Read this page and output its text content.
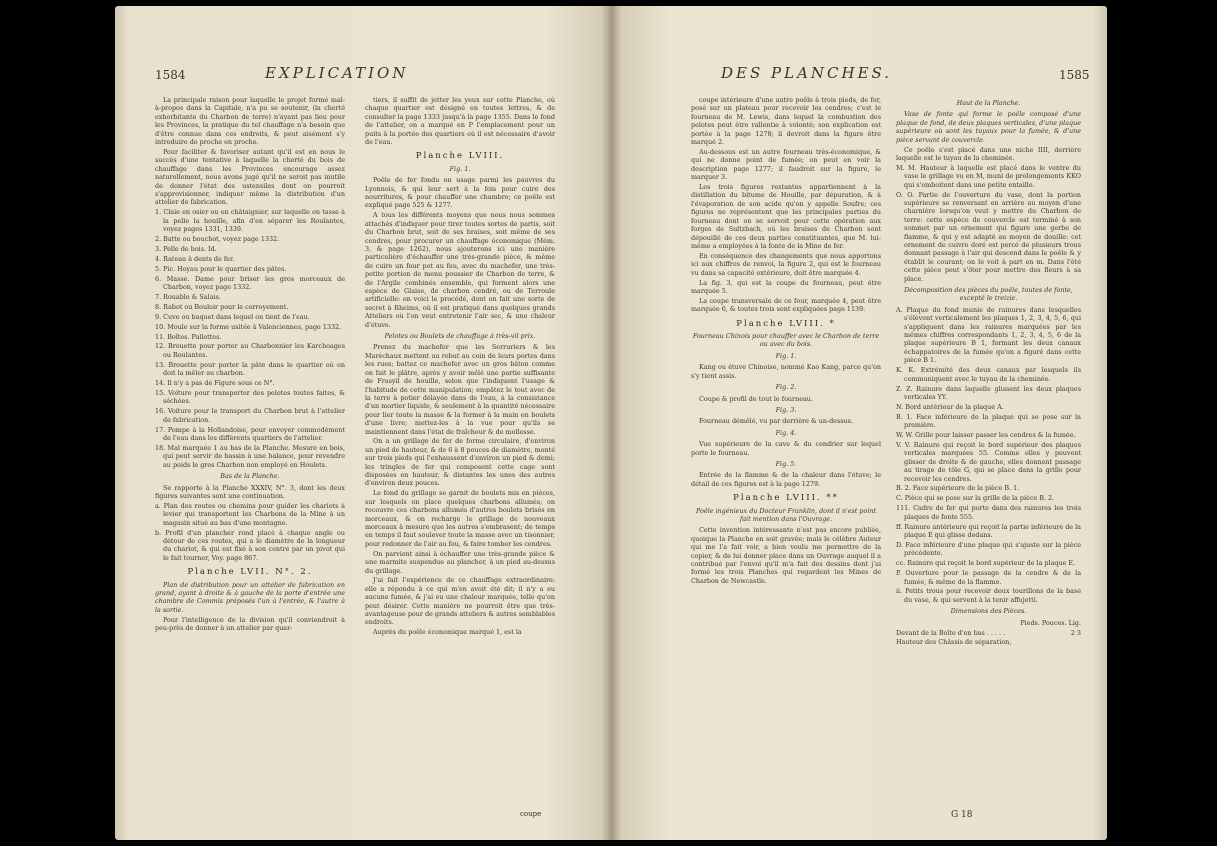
1584	EXPLICATION

La principale raison pour laquelle le projet formé mal-à-propos dans la Capitale, n'a pu se soutenir, (la cherté exhorbitante du Charbon de terre) n'ayant pas lieu pour les Provinces, la pratique du tel chauffage n'a besoin que d'être connue dans ces endroits, & peut aisément s'y introduire de proche en proche.

Pour faciliter & favoriser autant qu'il est en nous le succès d'une tentative à laquelle la cherté du bois de chauffage dans les Provinces encourage assez naturellement, nous avons jugé qu'il ne seroit pas inutile de donner l'état des ustensiles dont on pourroit s'approvisionner, indiquer même la distribution d'un attelier de fabrication.

1. Claie en osier ou en châtaignier, sur laquelle on tasse à la pelle la houille, afin d'en séparer les Roulantes, voyez pages 1331, 1339.

2. Batte ou bouchot, voyez page 1332.

3. Pelle de bois. Id.

4. Rateau à dents de fer.

5. Pic. Hoyau pour le quartier des pâtes.

6. Masse. Dame pour briser les gros morceaux de Charbon, voyez page 1332.

7. Rouable & Salais.

8. Rabot ou Bouloir pour le corroyement.

9. Cuve ou baquet dans lequel on tient de l'eau.

10. Moule sur la forme usitée à Valenciennes, page 1332.

11. Boîtes. Pallettes.

12. Brouette pour porter au Charbonnier les Karchoages ou Roulantes.

13. Brouette pour porter la pâte dans le quartier où on doit la mêler au charbon.

14. Il n'y a pas de Figure sous ce N°.

15. Voiture pour transporter des pelotes toutes faites, & séchées.

16. Voiture pour le transport du Charbon brut à l'attelier de fabrication.

17. Pompe à la Hollandoise, pour envoyer commodément de l'eau dans les différents quartiers de l'attelier.

18. Mal marquée 1 au bas de la Planche. Mesure en bois, qui peut servir de bassin à une balance, pour revendre au poids le gros Charbon non employé en Houlets.

Bas de la Planche.

Se rapporte à la Planche XXXIV, N°. 3, dont les deux figures suivantes sont une continuation.

a. Plan des routes ou chemins pour guider les chariots à levier qui transportent les Charbons de la Mine à un magasin situé au bas d'une montagne.

b. Profil d'un plancher rond placé à chaque angle ou détour de ces routes, qui a le diamètre de la longueur du chariot, & qui est fixé à son centre par un pivot qui le fait tourner, Voy. page 867.

Planche LVII. N°. 2.

Plan de distribution pour un attelier de fabrication en grand, ayant à droite & à gauche de la porte d'entrée une chambre de Commis préposés l'un à l'entrée, & l'autre à la sortie.

Pour l'intelligence de la division qu'il conviendroit à peu-près de donner à un attelier par quar-

tiers, il suffit de jetter les yeux sur cette Planche, où chaque quartier est désigné en toutes lettres, & de consulter la page 1333 jusqu'à la page 1355. Dans le fond de l'attelier, on a marqué en P l'emplacement pour un puits à la portée des quartiers où il est nécessaire d'avoir de l'eau.

Planche LVIII.

Fig. 1.

Poêle de fer fondu en usage parmi les pauvres du Lyonnois, & qui leur sert à la fois pour cuire des nourritures, & pour chauffer une chambre; ce poêle est expliqué page 525 & 1277.

A tous les différents moyens que nous nous sommes attachés d'indiquer pour tirer toutes sortes de partis, soit du Charbon brut, soit de ses braises, soit même de ses cendres, pour procurer un chauffage économique (Mém. 3, & page 1262), nous ajouterons ici une manière particulière d'échauffer une très-grande pièce, & même de cuire un four pot au feu, avec du machefer, une très-petite portion de menu poussier de Charbon de terre, & de l'Argile combinés ensemble, qui forment alors une espèce de Glaise, de charbon cendré, ou de Terroule artificielle: en voici le procédé, dont on fait une sorte de secret à Rheims, où il est pratiqué dans quelques grands Atteliers où l'on veut entretenir l'air sec, & une chaleur d'étuve.

Pelotes ou Boulets de chauffage à très-vil prix.

Prenez du machefer que les Serruriers & les Maréchaux mettent au rebut au coin de leurs portes dans les rues; battez ce machefer avec un gros bâton comme on fait le plâtre, après y avoir mêlé une partie suffisante de Frasyil de houille, selon que l'indiquent l'usage & l'habitude de cette manipulation; empâtez le tout avec de la terre à potier délayée dans de l'eau, à la consistance d'un mortier liquide, & seulement à la quantité nécessaire pour lier toute la masse & la former à la main en boulets d'une livre; mettez-les à la vue pour qu'ils se maintiennent dans l'état de fraîcheur & de mollesse.

On a un grillage de fer de forme circulaire, d'environ un pied de hauteur, & de 6 à 8 pouces de diamètre, monté sur trois pieds qui l'exhaussent d'environ un pied & demi; les tringles de fer qui composent cette cage sont disposées en hauteur, & distantes les unes des autres d'environ deux pouces.

Le fond du grillage se garnit de boulets mis en pièces, sur lesquels on place quelques charbons allumés; on recouvre ces charbons allumés d'autres boulets brisés en morceaux, & on recharge le grillage de nouveaux morceaux à mesure que les autres s'embrasent; de temps en temps il faut soulever toute la masse avec un tisonnier, pour redonner de l'air au feu, & faire tomber les cendres.

On parvient ainsi à échauffer une très-grande pièce & une marmite suspendue au plancher, à un pied au-dessus du grillage.

J'ai fait l'expérience de ce chauffage extraordinaire: elle a répondu à ce qui m'en avoit été dit; il n'y a eu aucune fumée, & j'ai eu une chaleur marquée, telle qu'on peut désirer. Cette manière ne pourroit être que très-avantageuse pour de grands atteliers & autres semblables endroits.

Auprès du poêle économique marqué 1, est la

coupe
DES PLANCHES.	1585

coupe intérieure d'une autre poêle à trois pieds, de fer, posé sur un plateau pour recevoir les cendres; c'est le fourneau de M. Lewis, dans lequel la combustion des pelotes peut être rallentie à volonté; son explication est portée à la page 1278; il devroit dans la figure être marqué 2.

Au-dessous est un autre fourneau très-économique, & qui ne donne point de fumée; on peut en voir la description page 1277; il faudroit sur la figure, le marquer 3.

Les trois figures restantes appartiennent à la distillation du bitume de Houille, par dépuration, & à l'évaporation de son acide qu'on y appelle Soufre; ces figures ne représentent que les principales parties du fourneau dont on se servoit pour cette opération aux forges de Sultzbach, où les braises de Charbon sont dépouillé de ces deux parties constituantes, que M. lui-même a employées à la fonte de la Mine de fer.

En conséquence des changements que nous apportons ici aux chiffres de renvoi, la figure 2, qui est le fourneau vu dans sa capacité extérieure, doit être marquée 4.

La fig. 3, qui est la coupe du fourneau, peut être marquée 5.

La coupe transversale de ce four, marquée 4, peut être marquée 6, & toutes trois sont expliquées page 1139.

Planche LVIII. *

Fourneau Chinois pour chauffer avec le Charbon de terre ou avec du bois.

Fig. 1.

Kang ou étuve Chinoise, nommé Kao Kang, parce qu'on s'y tient assis.

Fig. 2.

Coupe & profil de tout le fourneau.

Fig. 3.

Fourneau démêlé, vu par derrière & un-dessus.

Fig. 4.

Vue supérieure de la cave & du cendrier sur lequel porte le fourneau.

Fig. 5.

Entrée de la flamme & de la chaleur dans l'étuve; le détail de ces figures est à la page 1279.

Planche LVIII. **

Poêle ingénieux du Docteur Franklin, dont il n'est point fait mention dans l'Ouvrage.

Cette invention intéressante n'est pas encore publiée, quoique la Planche en soit gravée; mais le célèbre Auteur qui me l'a fait voir, a bien voulu me permettre de la copier, & de lui donner place dans un Ouvrage auquel il a contribué par l'envoi qu'il m'a fait des dessins dont j'ai formé les trois Planches qui regardent les Mines de Charbon de Newcastle.

Haut de la Planche.

Vase de fonte qui forme le poêle composé d'une plaque de fond, de deux plaques verticales, d'une plaque supérieure où sont les tuyaux pour la fumée, & d'une pièce servant de couvercle.

Ce poêle s'est placé dans une niche IIII, derrière laquelle est le tuyau de la cheminée.

M. M. Hauteur à laquelle est placé dans le ventre du vase le grillage vu en M, muni de prolongements KKO qui s'emboitent dans une petite entaille.

O. O. Partie de l'ouverture du vase, dont la portion supérieure se renversant en arrière au moyen d'une charnière lorsqu'on veut y mettre du Charbon de terre: cette espèce de couvercle est terminé à son sommet par un ornement qui figure une gerbe de flamme, & qui y est adapté au moyen de douille: cet ornement de cuivre doré est percé de plusieurs trous donnant passage à l'air qui descend dans le poêle & y établit le courant; on le voit à part en m. Dans l'été cette pièce peut s'ôter pour mettre des fleurs à sa place.

Décomposition des pièces du poêle, toutes de fonte, excepté le treizie.

A. Plaque du fond munie de rainures dans lesquelles s'élèvent verticalement les plaques 1, 2, 3, 4, 5, 6, qui s'appliquent dans les rainures marquées par les mêmes chiffres correspondants 1, 2, 3, 4, 5, 6 de la plaque supérieure B 1, formant les deux canaux échappatoires de la fumée qu'on a figuré dans cette pièce B 1.

K. K. Extrémité des deux canaux par lesquels ils communiquent avec le tuyau de la cheminée.

Z. Z. Rainure dans laquelle glissent les deux plaques verticales YY.

N. Bord antérieur de la plaque A.

B. 1. Face inférieure de la plaque qui se pose sur la première.

W. W. Grille pour laisser passer les cendres & la fumée.

V. V. Rainure qui reçoit le bord supérieur des plaques verticales marquées 55. Comme elles y peuvent glisser de droite & de gauche, elles donnent passage au tirage de tôle G, qui se place dans la grille pour recevoir les cendres.

B. 2. Face supérieure de la pièce B. 1.

C. Pièce qui se pose sur la grille de la pièce B. 2.

111. Cadre de fer qui porte dans des rainures les trois plaques de fonte 555.

ff. Rainure antérieure qui reçoit la partie inférieure de la plaque E qui glisse dedans.

D. Face inférieure d'une plaque qui s'ajuste sur la pièce précédente.

cc. Rainure qui reçoit le bord supérieur de la plaque E.

P. Ouverture pour le passage de la cendre & de la fumée, & même de la flamme.

ii. Petits trous pour recevoir deux tourillons de la base du vase, & qui servent à la tenir affujetti.

Dimensions des Pièces.

Pieds. Pouces. Lig.

Devant de la Boîte d'en bas . . . . .	2 3

Hauteur des Châssis de séparation,

G 18
